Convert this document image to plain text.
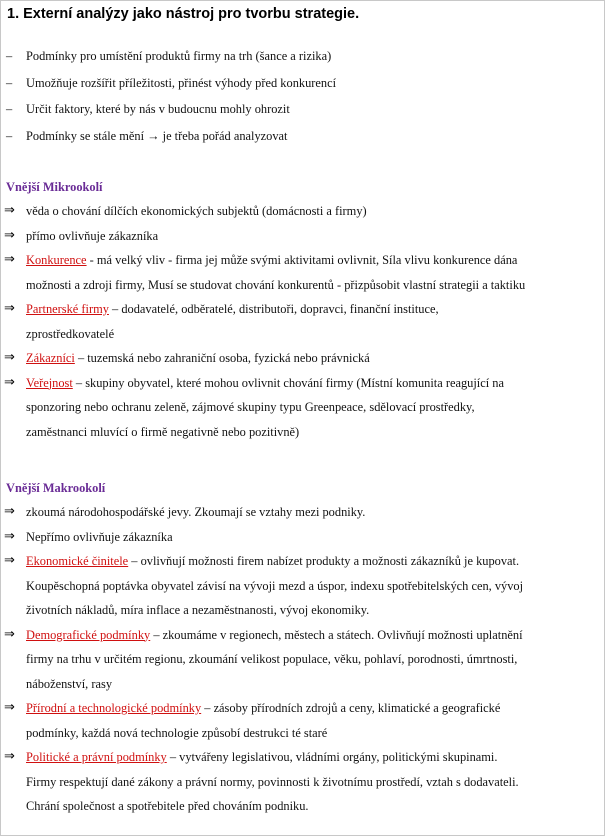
1. Externí analýzy jako nástroj pro tvorbu strategie.
–	Podmínky pro umístění produktů firmy na trh (šance a rizika)
–	Umožňuje rozšířit příležitosti, přinést výhody před konkurencí
–	Určit faktory, které by nás v budoucnu mohly ohrozit
–	Podmínky se stále mění → je třeba pořád analyzovat
Vnější Mikrookolí
⇒ věda o chování dílčích ekonomických subjektů (domácnosti a firmy)
⇒ přímo ovlivňuje zákazníka
⇒ Konkurence - má velký vliv - firma jej může svými aktivitami ovlivnit, Síla vlivu konkurence dána
možnosti a zdroji firmy, Musí se studovat chování konkurentů - přizpůsobit vlastní strategii a taktiku
⇒ Partnerské firmy – dodavatelé, odběratelé, distributoři, dopravci, finanční instituce,
zprostředkovatelé
⇒ Zákazníci – tuzemská nebo zahraniční osoba, fyzická nebo právnická
⇒ Veřejnost – skupiny obyvatel, které mohou ovlivnit chování firmy (Místní komunita reagující na
sponzoring nebo ochranu zeleně, zájmové skupiny typu Greenpeace, sdělovací prostředky,
zaměstnanci mluvící o firmě negativně nebo pozitivně)
Vnější Makrookolí
⇒ zkoumá národohospodářské jevy. Zkoumají se vztahy mezi podniky.
⇒ Nepřímo ovlivňuje zákazníka
⇒ Ekonomické činitele – ovlivňují možnosti firem nabízet produkty a možnosti zákazníků je kupovat.
Koupěschopná poptávka obyvatel závisí na vývoji mezd a úspor, indexu spotřebitelských cen, vývoj
životních nákladů, míra inflace a nezaměstnanosti, vývoj ekonomiky.
⇒ Demografické podmínky – zkoumáme v regionech, městech a státech. Ovlivňují možnosti uplatnění
firmy na trhu v určitém regionu, zkoumání velikost populace, věku, pohlaví, porodnosti, úmrtnosti,
náboženství, rasy
⇒ Přírodní a technologické podmínky – zásoby přírodních zdrojů a ceny, klimatické a geografické
podmínky, každá nová technologie způsobí destrukci té staré
⇒ Politické a právní podmínky – vytvářeny legislativou, vládními orgány, politickými skupinami.
Firmy respektují dané zákony a právní normy, povinnosti k životnímu prostředí, vztah s dodavateli.
Chrání společnost a spotřebitele před chováním podniku.
